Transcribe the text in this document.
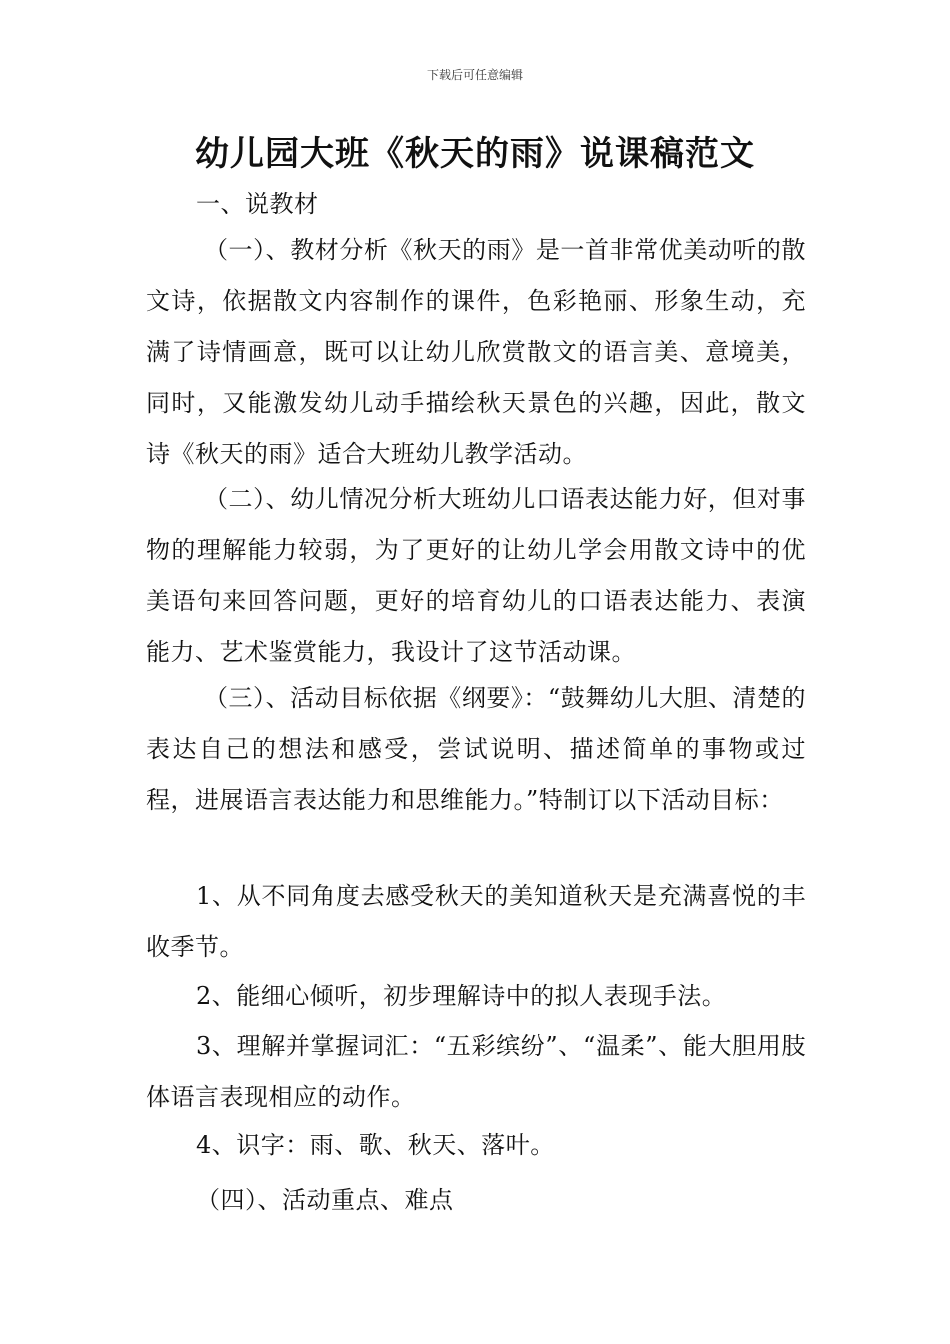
下载后可任意编辑
幼儿园大班《秋天的雨》说课稿范文
一、说教材

（一）、教材分析《秋天的雨》是一首非常优美动听的散文诗，依据散文内容制作的课件，色彩艳丽、形象生动，充满了诗情画意，既可以让幼儿欣赏散文的语言美、意境美，同时，又能激发幼儿动手描绘秋天景色的兴趣，因此，散文诗《秋天的雨》适合大班幼儿教学活动。

（二）、幼儿情况分析大班幼儿口语表达能力好，但对事物的理解能力较弱，为了更好的让幼儿学会用散文诗中的优美语句来回答问题，更好的培育幼儿的口语表达能力、表演能力、艺术鉴赏能力，我设计了这节活动课。

（三）、活动目标依据《纲要》：“鼓舞幼儿大胆、清楚的表达自己的想法和感受，尝试说明、描述简单的事物或过程，进展语言表达能力和思维能力。”特制订以下活动目标：

1、从不同角度去感受秋天的美知道秋天是充满喜悦的丰收季节。

2、能细心倾听，初步理解诗中的拟人表现手法。

3、理解并掌握词汇：“五彩缤纷”、“温柔”、能大胆用肢体语言表现相应的动作。

4、识字：雨、歌、秋天、落叶。

（四）、活动重点、难点
